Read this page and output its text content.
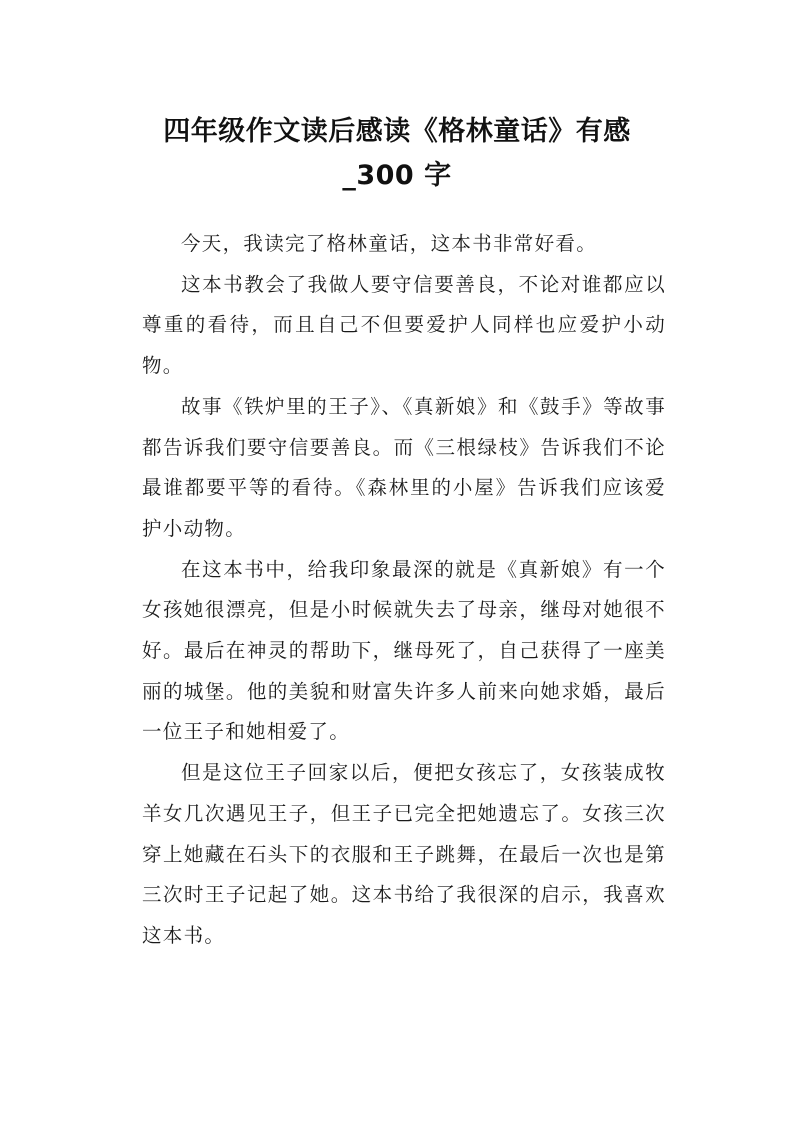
四年级作文读后感读《格林童话》有感
_300 字

今天，我读完了格林童话，这本书非常好看。

这本书教会了我做人要守信要善良，不论对谁都应以尊重的看待，而且自己不但要爱护人同样也应爱护小动物。

故事《铁炉里的王子》、《真新娘》和《鼓手》等故事都告诉我们要守信要善良。而《三根绿枝》告诉我们不论最谁都要平等的看待。《森林里的小屋》告诉我们应该爱护小动物。

在这本书中，给我印象最深的就是《真新娘》有一个女孩她很漂亮，但是小时候就失去了母亲，继母对她很不好。最后在神灵的帮助下，继母死了，自己获得了一座美丽的城堡。他的美貌和财富失许多人前来向她求婚，最后一位王子和她相爱了。

但是这位王子回家以后，便把女孩忘了，女孩装成牧羊女几次遇见王子，但王子已完全把她遗忘了。女孩三次穿上她藏在石头下的衣服和王子跳舞，在最后一次也是第三次时王子记起了她。这本书给了我很深的启示，我喜欢这本书。
